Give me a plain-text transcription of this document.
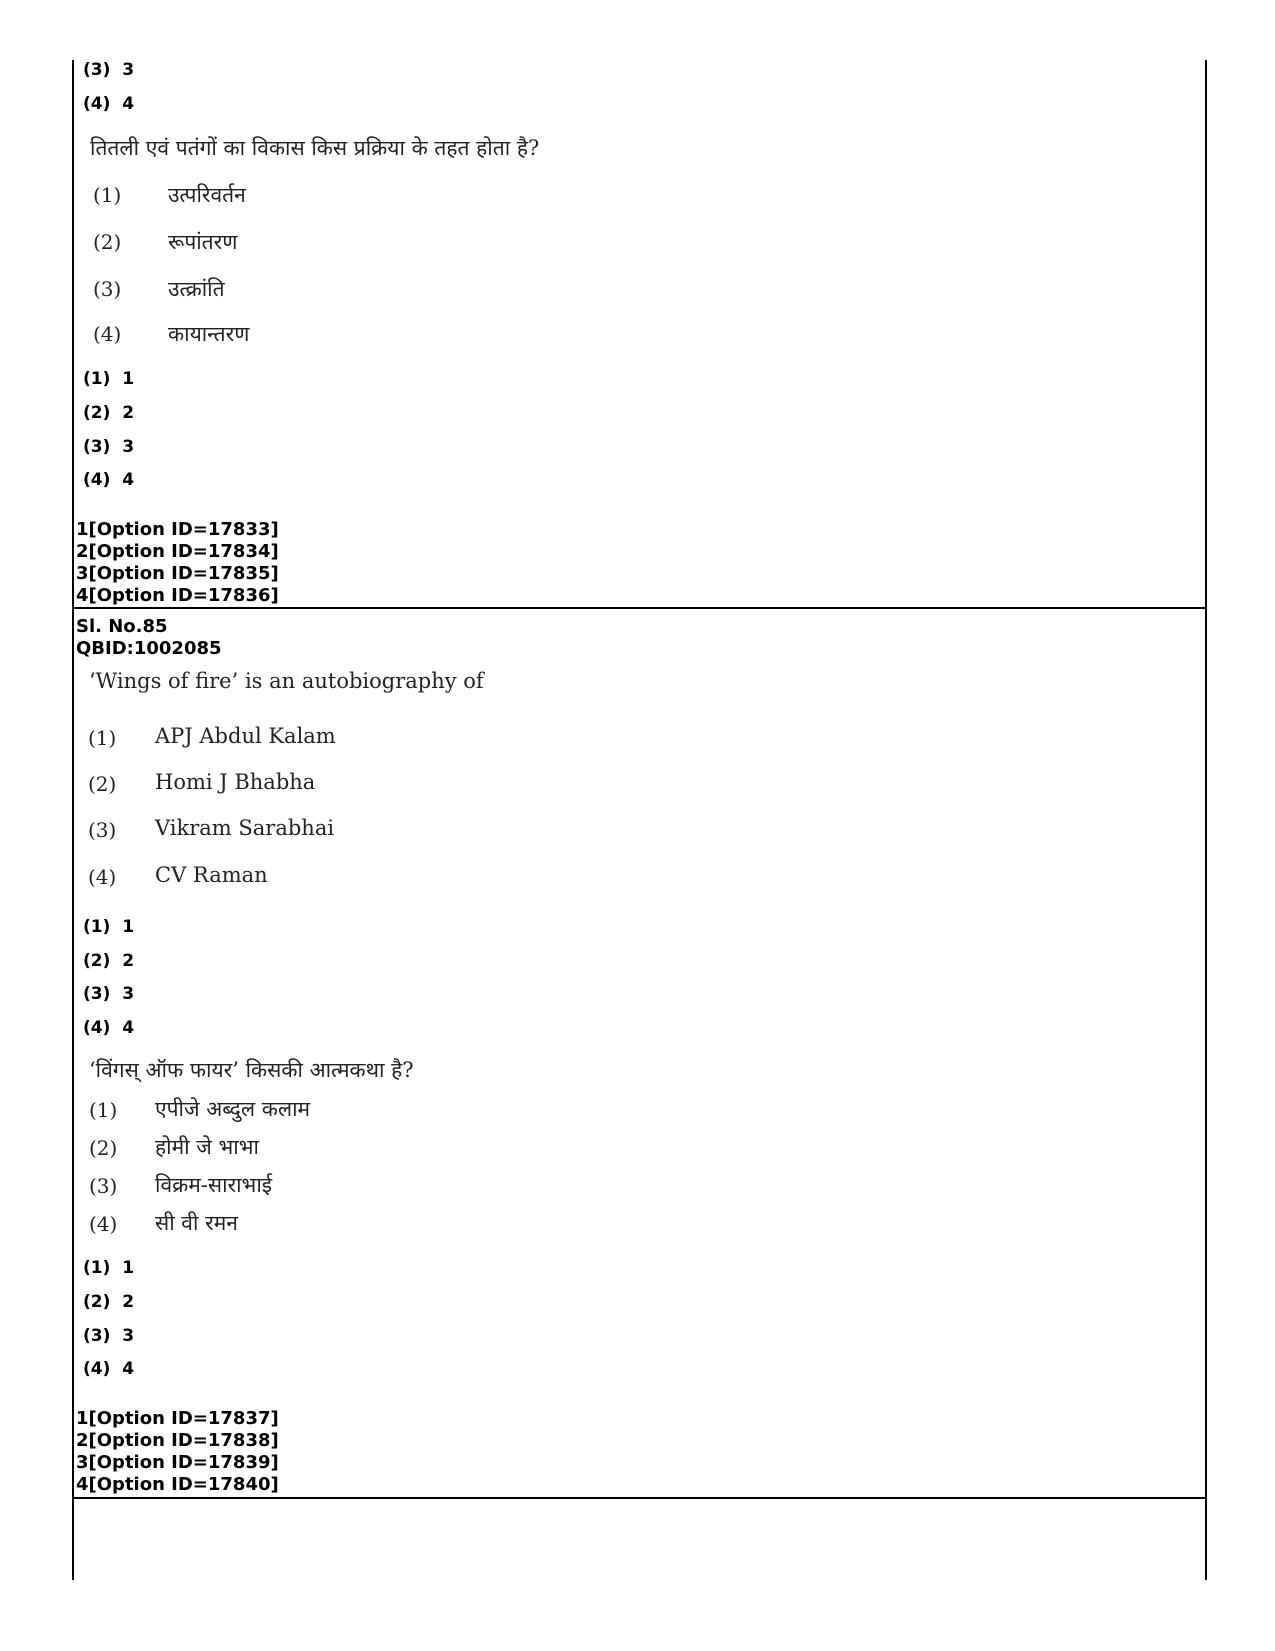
(3) 3
(4) 4
तितली एवं पतंगों का विकास किस प्रक्रिया के तहत होता है?
(1) उत्परिवर्तन
(2) रूपांतरण
(3) उत्क्रांति
(4) कायान्तरण
(1) 1
(2) 2
(3) 3
(4) 4
1[Option ID=17833]
2[Option ID=17834]
3[Option ID=17835]
4[Option ID=17836]
Sl. No.85
QBID:1002085
‘Wings of fire’ is an autobiography of
(1) APJ Abdul Kalam
(2) Homi J Bhabha
(3) Vikram Sarabhai
(4) CV Raman
(1) 1
(2) 2
(3) 3
(4) 4
‘विंगस् ऑफ फायर’ किसकी आत्मकथा है?
(1) एपीजे अब्दुल कलाम
(2) होमी जे भाभा
(3) विक्रम-साराभाई
(4) सी वी रमन
(1) 1
(2) 2
(3) 3
(4) 4
1[Option ID=17837]
2[Option ID=17838]
3[Option ID=17839]
4[Option ID=17840]
